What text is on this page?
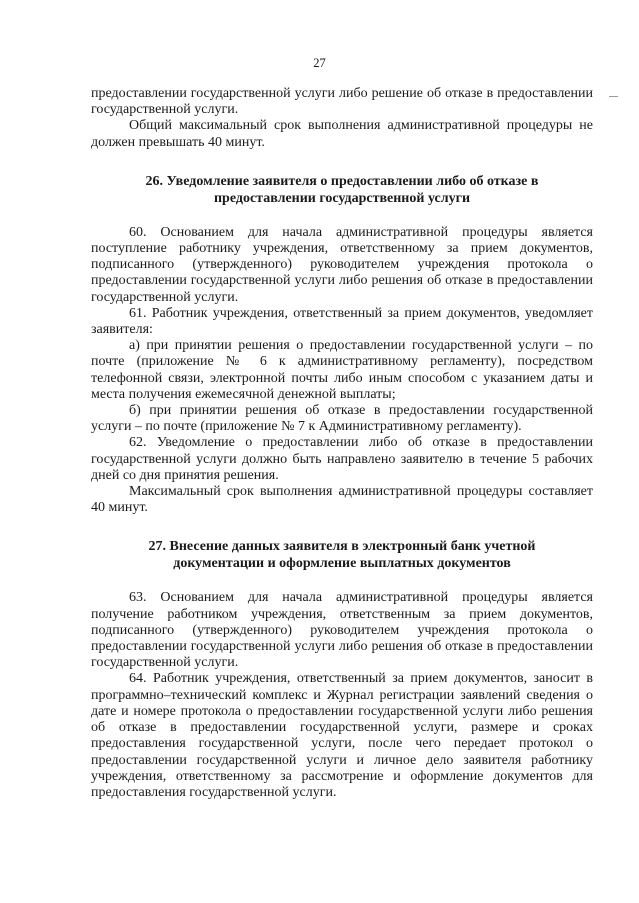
27

предоставлении государственной услуги либо решение об отказе в предоставлении государственной услуги.

Общий максимальный срок выполнения административной процедуры не должен превышать 40 минут.

26. Уведомление заявителя о предоставлении либо об отказе в

предоставлении государственной услуги

60. Основанием для начала административной процедуры является поступление работнику учреждения, ответственному за прием документов, подписанного (утвержденного) руководителем учреждения протокола о предоставлении государственной услуги либо решения об отказе в предоставлении государственной услуги.

61. Работник учреждения, ответственный за прием документов, уведомляет заявителя:

а) при принятии решения о предоставлении государственной услуги – по почте (приложение № 6 к административному регламенту), посредством телефонной связи, электронной почты либо иным способом с указанием даты и места получения ежемесячной денежной выплаты;

б) при принятии решения об отказе в предоставлении государственной услуги – по почте (приложение № 7 к Административному регламенту).

62. Уведомление о предоставлении либо об отказе в предоставлении государственной услуги должно быть направлено заявителю в течение 5 рабочих дней со дня принятия решения.

Максимальный срок выполнения административной процедуры составляет 40 минут.

27. Внесение данных заявителя в электронный банк учетной

документации и оформление выплатных документов

63. Основанием для начала административной процедуры является получение работником учреждения, ответственным за прием документов, подписанного (утвержденного) руководителем учреждения протокола о предоставлении государственной услуги либо решения об отказе в предоставлении государственной услуги.

64. Работник учреждения, ответственный за прием документов, заносит в программно–технический комплекс и Журнал регистрации заявлений сведения о дате и номере протокола о предоставлении государственной услуги либо решения об отказе в предоставлении государственной услуги, размере и сроках предоставления государственной услуги, после чего передает протокол о предоставлении государственной услуги и личное дело заявителя работнику учреждения, ответственному за рассмотрение и оформление документов для предоставления государственной услуги.
